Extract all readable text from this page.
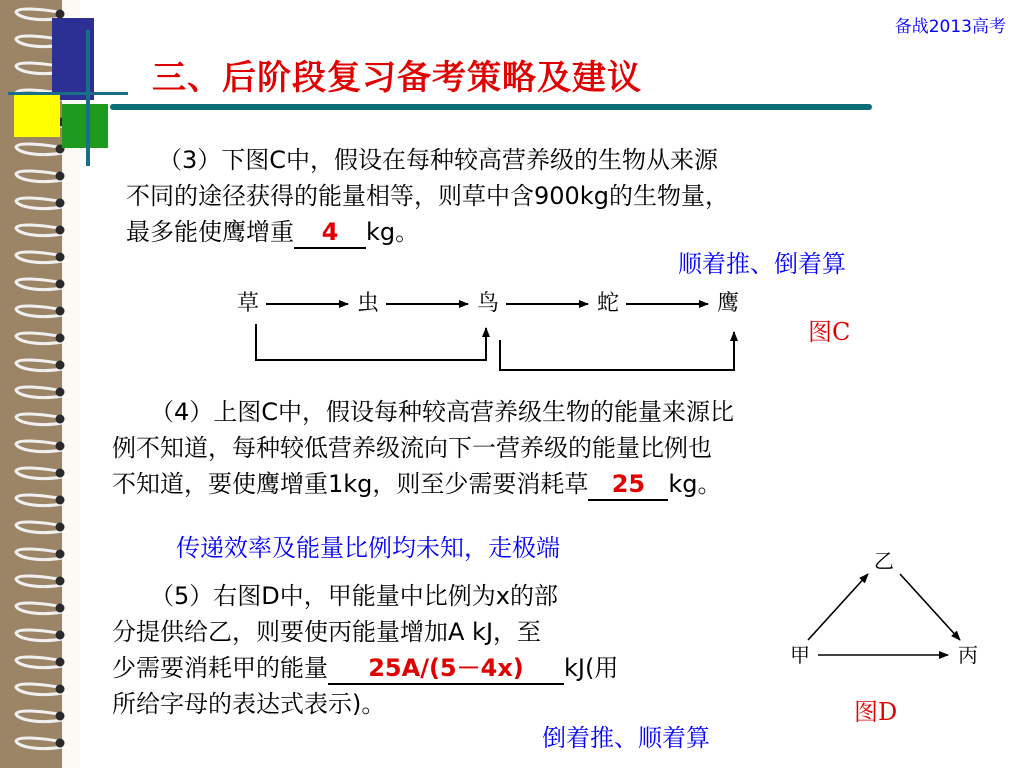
备战2013高考
三、后阶段复习备考策略及建议
（3）下图C中，假设在每种较高营养级的生物从来源
不同的途径获得的能量相等，则草中含900kg的生物量，
最多能使鹰增重 4 kg。
顺着推、倒着算
草	虫	鸟	蛇	鹰
图C
（4）上图C中，假设每种较高营养级生物的能量来源比
例不知道，每种较低营养级流向下一营养级的能量比例也
不知道，要使鹰增重1kg，则至少需要消耗草 25 kg。
传递效率及能量比例均未知，走极端
（5）右图D中，甲能量中比例为x的部
分提供给乙，则要使丙能量增加A kJ，至
少需要消耗甲的能量 25A/(5－4x) kJ(用
所给字母的表达式表示)。
倒着推、顺着算
甲
乙
丙
图D
